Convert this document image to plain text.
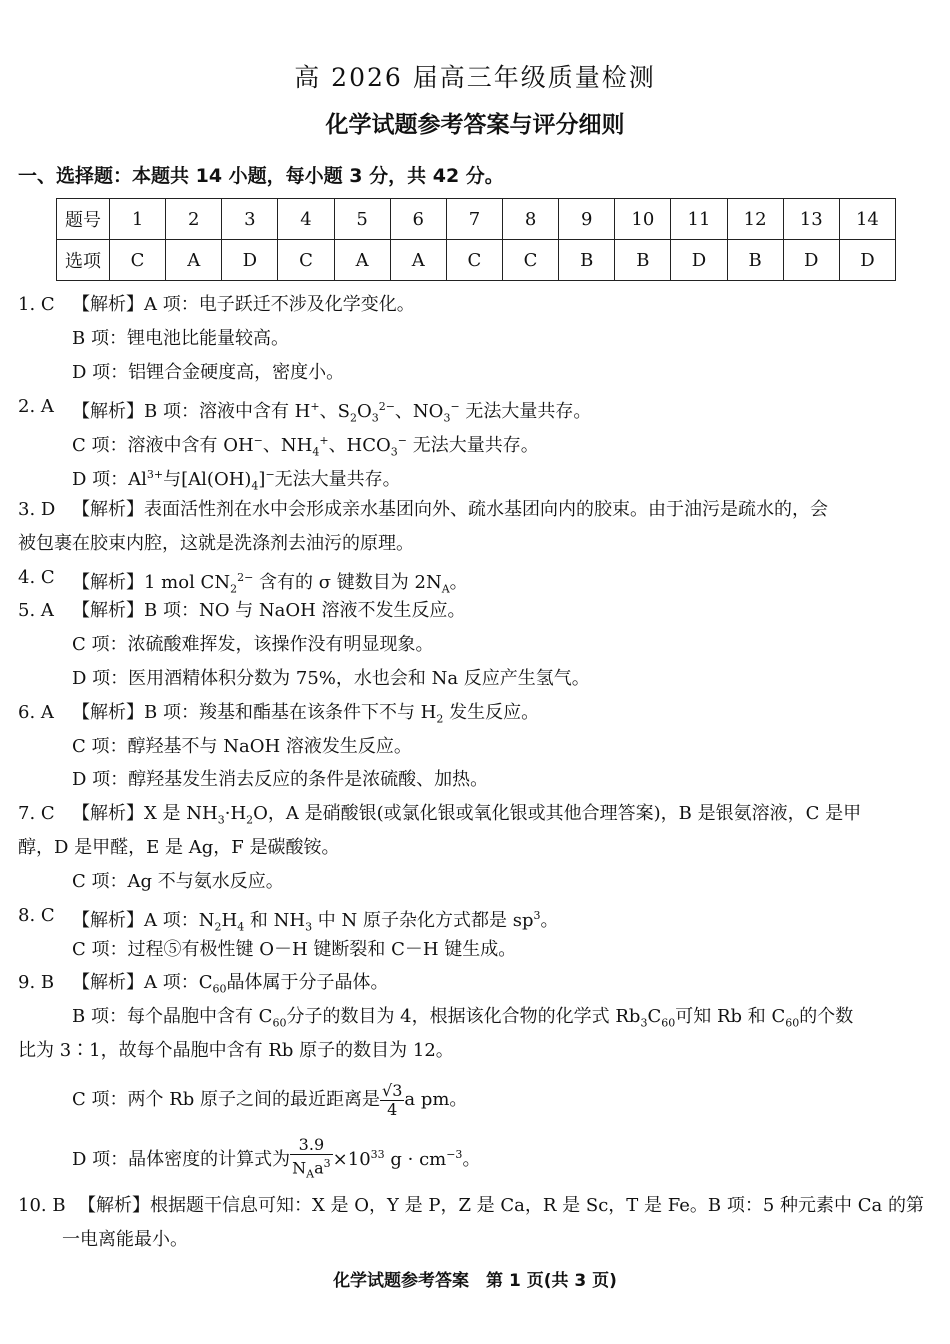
高 2026 届高三年级质量检测
化学试题参考答案与评分细则
一、选择题：本题共 14 小题，每小题 3 分，共 42 分。
题号	1	2	3	4	5	6	7	8	9	10	11	12	13	14
选项	C	A	D	C	A	A	C	C	B	B	D	B	D	D
1. C 【解析】A 项：电子跃迁不涉及化学变化。
B 项：锂电池比能量较高。
D 项：铝锂合金硬度高，密度小。
2. A 【解析】B 项：溶液中含有 H+、$S_2O_3^{2-}$、$NO_3^-$ 无法大量共存。
C 项：溶液中含有 OH−、$NH_4^+$、$HCO_3^-$ 无法大量共存。
D 项：$Al^{3+}$与$[Al(OH)_4]^-$无法大量共存。
3. D 【解析】表面活性剂在水中会形成亲水基团向外、疏水基团向内的胶束。由于油污是疏水的，会
被包裹在胶束内腔，这就是洗涤剂去油污的原理。
4. C 【解析】1 mol $CN_2^{2-}$ 含有的 σ 键数目为 $2N_A$。
5. A 【解析】B 项：NO 与 NaOH 溶液不发生反应。
C 项：浓硫酸难挥发，该操作没有明显现象。
D 项：医用酒精体积分数为 75%，水也会和 Na 反应产生氢气。
6. A 【解析】B 项：羧基和酯基在该条件下不与 $H_2$ 发生反应。
C 项：醇羟基不与 NaOH 溶液发生反应。
D 项：醇羟基发生消去反应的条件是浓硫酸、加热。
7. C 【解析】X 是 $NH_3\cdot H_2O$，A 是硝酸银(或氯化银或氧化银或其他合理答案)，B 是银氨溶液，C 是甲
醇，D 是甲醛，E 是 Ag，F 是碳酸铵。
C 项：Ag 不与氨水反应。
8. C 【解析】A 项：$N_2H_4$ 和 $NH_3$ 中 N 原子杂化方式都是 $sp^3$。
C 项：过程⑤有极性键 O－H 键断裂和 C－H 键生成。
9. B 【解析】A 项：$C_{60}$晶体属于分子晶体。
B 项：每个晶胞中含有 $C_{60}$分子的数目为 4，根据该化合物的化学式 $Rb_3C_{60}$可知 Rb 和 $C_{60}$的个数
比为 3∶1，故每个晶胞中含有 Rb 原子的数目为 12。
C 项：两个 Rb 原子之间的最近距离是 $\frac{√3}{4}$ a pm。
D 项：晶体密度的计算式为 $\frac{3.9}{N_Aa^3} \times 10^{33}$ $g \cdot cm^{-3}$。
10. B 【解析】根据题干信息可知：X 是 O，Y 是 P，Z 是 Ca，R 是 Sc，T 是 Fe。B 项：5 种元素中 Ca 的第
一电离能最小。
化学试题参考答案　第 1 页(共 3 页)
